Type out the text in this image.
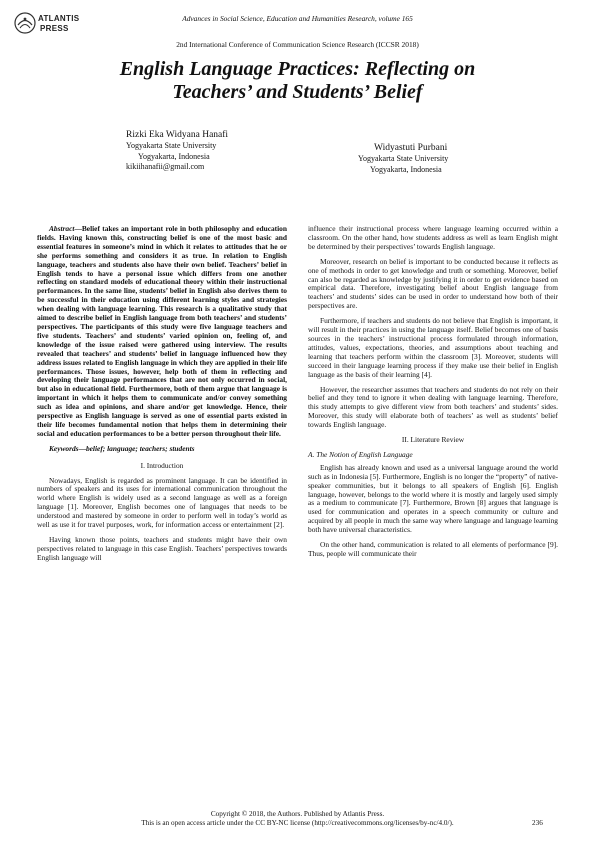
ATLANTIS
PRESS
Advances in Social Science, Education and Humanities Research, volume 165
2nd International Conference of Communication Science Research (ICCSR 2018)
English Language Practices: Reflecting on
Teachers’ and Students’ Belief
Rizki Eka Widyana Hanafi
Yogyakarta State University
Yogyakarta, Indonesia
kikiihanafii@gmail.com
Widyastuti Purbani
Yogyakarta State University
Yogyakarta, Indonesia

Abstract—Belief takes an important role in both philosophy and education fields. Having known this, constructing belief is one of the most basic and essential features in someone’s mind in which it relates to attitudes that he or she performs something and considers it as true. In relation to English language, teachers and students also have their own belief. Teachers’ belief in English tends to have a personal issue which differs from one another reflecting on standard models of educational theory within their instructional performances. In the same line, students’ belief in English also derives them to be successful in their education using different learning styles and strategies when dealing with language learning. This research is a qualitative study that aimed to describe belief in English language from both teachers’ and students’ perspectives. The participants of this study were five language teachers and five students. Teachers’ and students’ varied opinion on, feeling of, and knowledge of the issue raised were gathered using interview. The results revealed that teachers’ and students’ belief in language influenced how they address issues related to English language in which they are applied in their life performances. Those issues, however, help both of them in reflecting and developing their language performances that are not only occurred in social, but also in educational field. Furthermore, both of them argue that language is important in which it helps them to communicate and/or convey something such as idea and opinions, and share and/or get knowledge. Hence, their perspective as English language is served as one of essential parts existed in their life becomes fundamental notion that helps them in determining their social and education performances to be a better person throughout their life.

Keywords—belief; language; teachers; students

I. Introduction

Nowadays, English is regarded as prominent language. It can be identified in numbers of speakers and its uses for international communication throughout the world where English is widely used as a second language as well as a foreign language [1]. Moreover, English becomes one of languages that needs to be understood and mastered by someone in order to perform well in today’s world as well as use it for travel purposes, work, for information access or entertainment [2].

Having known those points, teachers and students might have their own perspectives related to language in this case English. Teachers’ perspectives towards English language will

influence their instructional process where language learning occurred within a classroom. On the other hand, how students address as well as learn English might be determined by their perspectives’ towards English language.

Moreover, research on belief is important to be conducted because it reflects as one of methods in order to get knowledge and truth or something. Moreover, belief can also be regarded as knowledge by justifying it in order to get evidence based on empirical data. Therefore, investigating belief about English language from teachers’ and students’ sides can be used in order to understand how both of their perspectives are.

Furthermore, if teachers and students do not believe that English is important, it will result in their practices in using the language itself. Belief becomes one of basis sources in the teachers’ instructional process formulated through information, attitudes, values, expectations, theories, and assumptions about teaching and learning that teachers perform within the classroom [3]. Moreover, students will succeed in their language learning process if they make use their belief in English language as the basis of their learning [4].

However, the researcher assumes that teachers and students do not rely on their belief and they tend to ignore it when dealing with language learning. Therefore, this study attempts to give different view from both teachers’ and students’ sides. Moreover, this study will elaborate both of teachers’ as well as students’ belief towards English language.

II. Literature Review
A. The Notion of English Language

English has already known and used as a universal language around the world such as in Indonesia [5]. Furthermore, English is no longer the “property” of native-speaker communities, but it belongs to all speakers of English [6]. English language, however, belongs to the world where it is mostly and largely used simply as a medium to communicate [7]. Furthermore, Brown [8] argues that language is used for communication and operates in a speech community or culture and acquired by all people in much the same way where language and language learning both have universal characteristics.

On the other hand, communication is related to all elements of performance [9]. Thus, people will communicate their

Copyright © 2018, the Authors. Published by Atlantis Press.
This is an open access article under the CC BY-NC license (http://creativecommons.org/licenses/by-nc/4.0/).	236
